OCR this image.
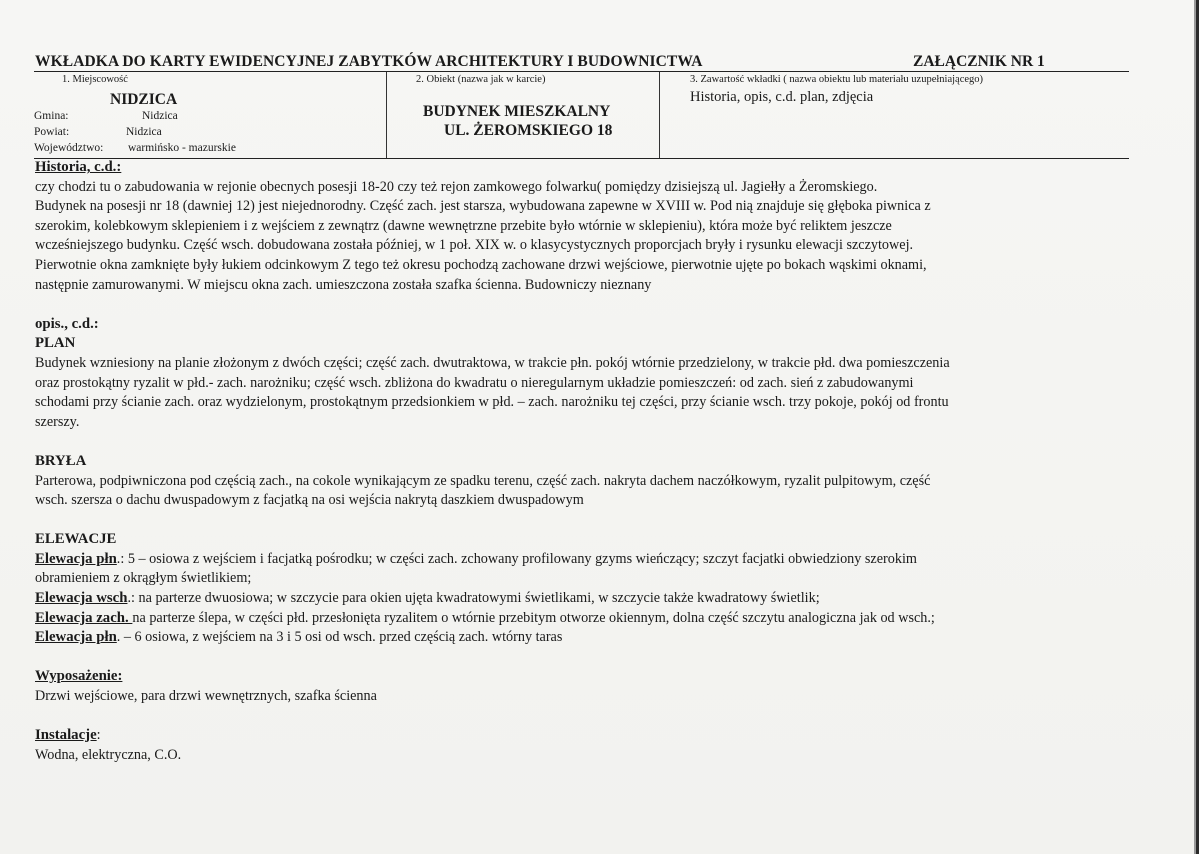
WKŁADKA DO KARTY EWIDENCYJNEJ ZABYTKÓW ARCHITEKTURY I BUDOWNICTWA	ZAŁĄCZNIK NR 1
1. Miejscowość
NIDZICA
Gmina:	Nidzica
Powiat:	Nidzica
Województwo: warmińsko - mazurskie
2. Obiekt (nazwa jak w karcie)
BUDYNEK MIESZKALNY
UL. ŻEROMSKIEGO 18
3. Zawartość wkładki ( nazwa obiektu lub materiału uzupełniającego)
Historia, opis, c.d. plan, zdjęcia

Historia, c.d.:

czy chodzi tu o zabudowania w rejonie obecnych posesji 18-20 czy też rejon zamkowego folwarku( pomiędzy dzisiejszą ul. Jagiełły a Żeromskiego.

Budynek na posesji nr 18 (dawniej 12) jest niejednorodny. Część zach. jest starsza, wybudowana zapewne w XVIII w. Pod nią znajduje się głęboka piwnica z

szerokim, kolebkowym sklepieniem i z wejściem z zewnątrz (dawne wewnętrzne przebite było wtórnie w sklepieniu), która może być reliktem jeszcze

wcześniejszego budynku. Część wsch. dobudowana została później, w 1 poł. XIX w. o klasycystycznych proporcjach bryły i rysunku elewacji szczytowej.

Pierwotnie okna zamknięte były łukiem odcinkowym Z tego też okresu pochodzą zachowane drzwi wejściowe, pierwotnie ujęte po bokach wąskimi oknami,

następnie zamurowanymi. W miejscu okna zach. umieszczona została szafka ścienna. Budowniczy nieznany

opis., c.d.:

PLAN

Budynek wzniesiony na planie złożonym z dwóch części; część zach. dwutraktowa, w trakcie płn. pokój wtórnie przedzielony, w trakcie płd. dwa pomieszczenia

oraz prostokątny ryzalit w płd.- zach. narożniku; część wsch. zbliżona do kwadratu o nieregularnym układzie pomieszczeń: od zach. sień z zabudowanymi

schodami przy ścianie zach. oraz wydzielonym, prostokątnym przedsionkiem w płd. – zach. narożniku tej części, przy ścianie wsch. trzy pokoje, pokój od frontu

szerszy.

BRYŁA

Parterowa, podpiwniczona pod częścią zach., na cokole wynikającym ze spadku terenu, część zach. nakryta dachem naczółkowym, ryzalit pulpitowym, część

wsch. szersza o dachu dwuspadowym z facjatką na osi wejścia nakrytą daszkiem dwuspadowym

ELEWACJE

Elewacja płn.: 5 – osiowa z wejściem i facjatką pośrodku; w części zach. zchowany profilowany gzyms wieńczący; szczyt facjatki obwiedziony szerokim

obramieniem z okrągłym świetlikiem;

Elewacja wsch.: na parterze dwuosiowa; w szczycie para okien ujęta kwadratowymi świetlikami, w szczycie także kwadratowy świetlik;

Elewacja zach. na parterze ślepa, w części płd. przesłonięta ryzalitem o wtórnie przebitym otworze okiennym, dolna część szczytu analogiczna jak od wsch.;

Elewacja płn. – 6 osiowa, z wejściem na 3 i 5 osi od wsch. przed częścią zach. wtórny taras

Wyposażenie:

Drzwi wejściowe, para drzwi wewnętrznych, szafka ścienna

Instalacje:

Wodna, elektryczna, C.O.
